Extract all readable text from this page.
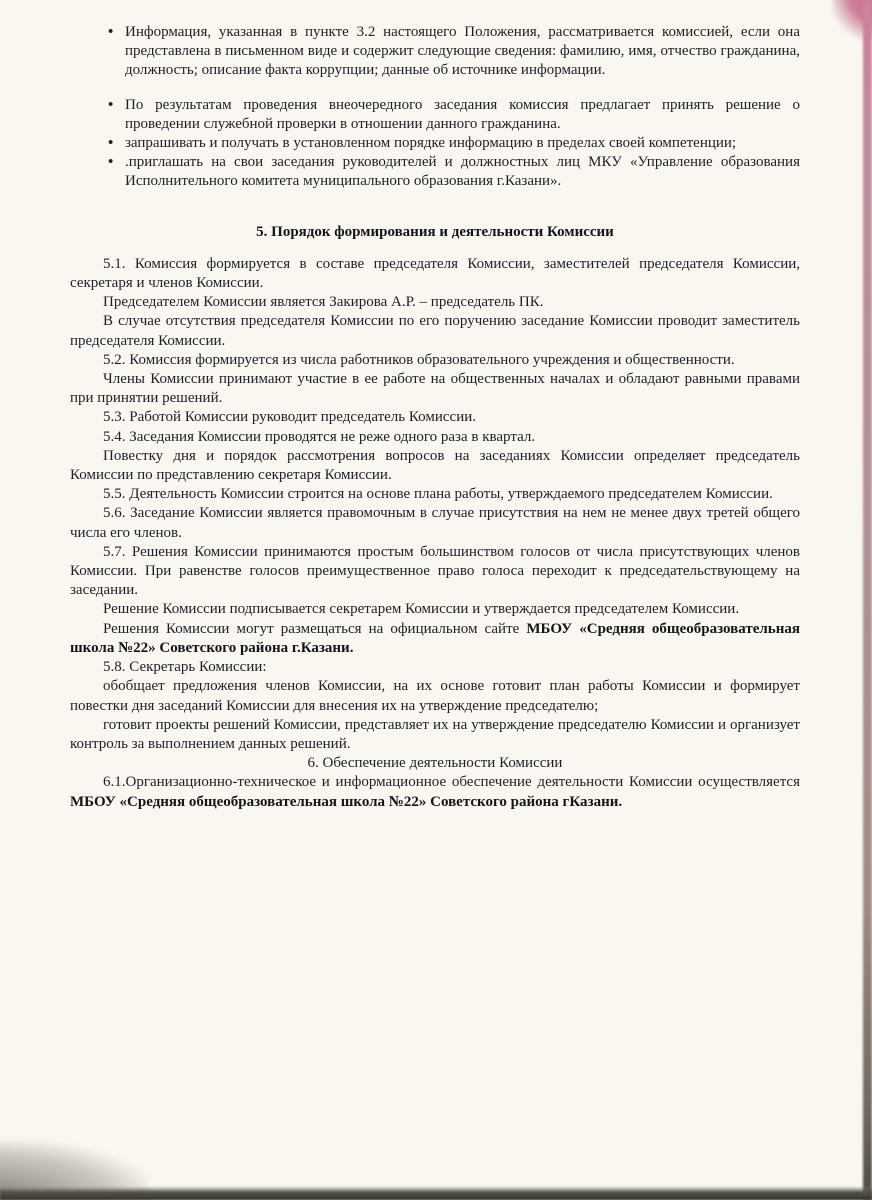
• Информация, указанная в пункте 3.2 настоящего Положения, рассматривается комиссией, если она представлена в письменном виде и содержит следующие сведения: фамилию, имя, отчество гражданина, должность; описание факта коррупции; данные об источнике информации.
• По результатам проведения внеочередного заседания комиссия предлагает принять решение о проведении служебной проверки в отношении данного гражданина.
• запрашивать и получать в установленном порядке информацию в пределах своей компетенции;
• .приглашать на свои заседания руководителей и должностных лиц МКУ «Управление образования Исполнительного комитета муниципального образования г.Казани».
5. Порядок формирования и деятельности Комиссии

5.1. Комиссия формируется в составе председателя Комиссии, заместителей председателя Комиссии, секретаря и членов Комиссии.

Председателем Комиссии является Закирова А.Р. – председатель ПК.

В случае отсутствия председателя Комиссии по его поручению заседание Комиссии проводит заместитель председателя Комиссии.

5.2. Комиссия формируется из числа работников образовательного учреждения и общественности.

Члены Комиссии принимают участие в ее работе на общественных началах и обладают равными правами при принятии решений.

5.3. Работой Комиссии руководит председатель Комиссии.

5.4. Заседания Комиссии проводятся не реже одного раза в квартал.

Повестку дня и порядок рассмотрения вопросов на заседаниях Комиссии определяет председатель Комиссии по представлению секретаря Комиссии.

5.5. Деятельность Комиссии строится на основе плана работы, утверждаемого председателем Комиссии.

5.6. Заседание Комиссии является правомочным в случае присутствия на нем не менее двух третей общего числа его членов.

5.7. Решения Комиссии принимаются простым большинством голосов от числа присутствующих членов Комиссии. При равенстве голосов преимущественное право голоса переходит к председательствующему на заседании.

Решение Комиссии подписывается секретарем Комиссии и утверждается председателем Комиссии.

Решения Комиссии могут размещаться на официальном сайте МБОУ «Средняя общеобразовательная школа №22» Советского района г.Казани.

5.8. Секретарь Комиссии:

обобщает предложения членов Комиссии, на их основе готовит план работы Комиссии и формирует повестки дня заседаний Комиссии для внесения их на утверждение председателю;

готовит проекты решений Комиссии, представляет их на утверждение председателю Комиссии и организует контроль за выполнением данных решений.

6. Обеспечение деятельности Комиссии

6.1.Организационно-техническое и информационное обеспечение деятельности Комиссии осуществляется МБОУ «Средняя общеобразовательная школа №22» Советского района гКазани.
